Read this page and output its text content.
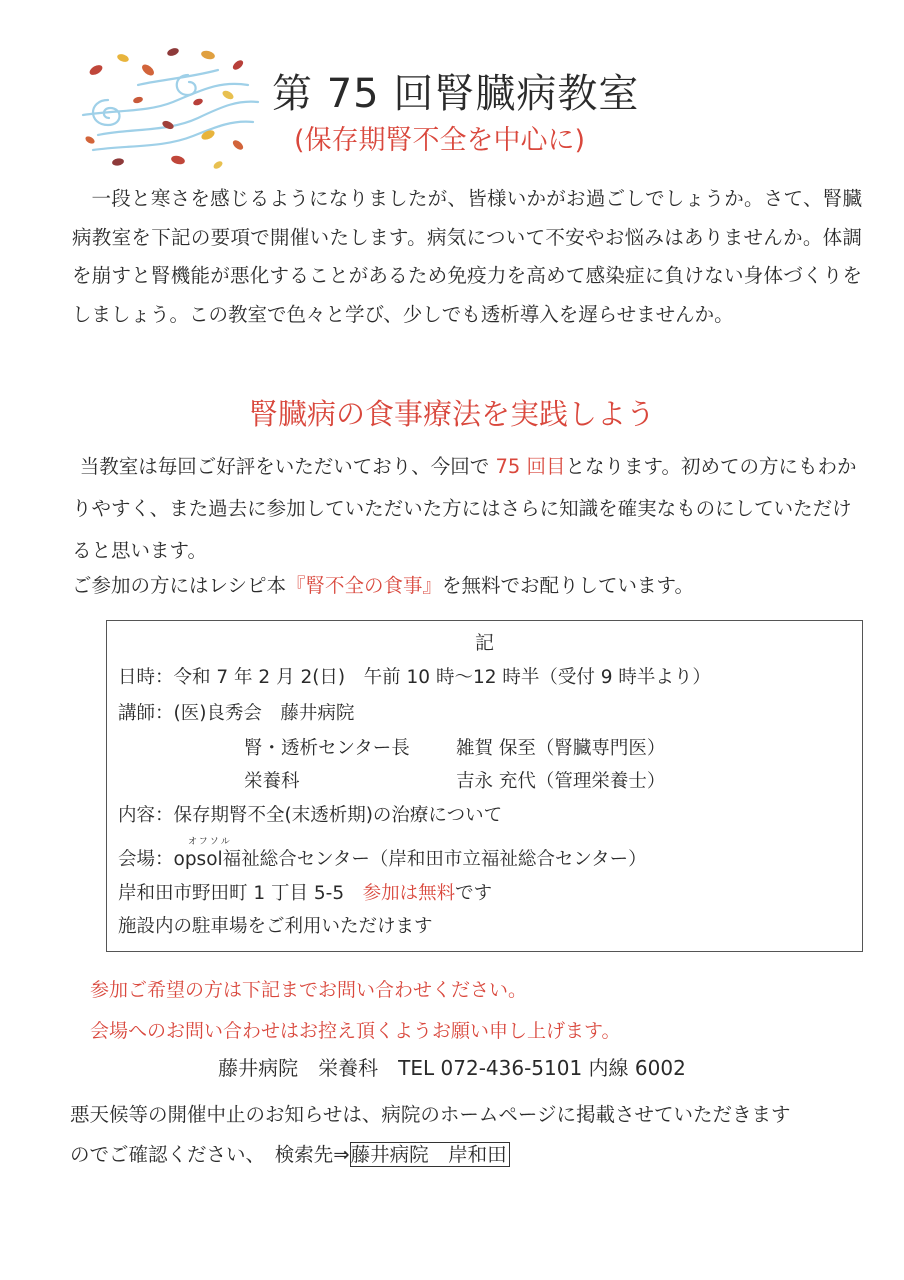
第 75 回腎臓病教室
(保存期腎不全を中心に)
一段と寒さを感じるようになりましたが、皆様いかがお過ごしでしょうか。さて、腎臓病教室を下記の要項で開催いたします。病気について不安やお悩みはありませんか。体調を崩すと腎機能が悪化することがあるため免疫力を高めて感染症に負けない身体づくりをしましょう。この教室で色々と学び、少しでも透析導入を遅らせませんか。
腎臓病の食事療法を実践しよう
当教室は毎回ご好評をいただいており、今回で 75 回目となります。初めての方にもわかりやすく、また過去に参加していただいた方にはさらに知識を確実なものにしていただけると思います。
ご参加の方にはレシピ本『腎不全の食事』を無料でお配りしています。
記
日時：令和 7 年 2 月 2(日)　午前 10 時～12 時半（受付 9 時半より）
講師：(医)良秀会　藤井病院
腎・透析センター長 雑賀 保至（腎臓専門医）
栄養科	吉永 充代（管理栄養士）
内容：保存期腎不全(末透析期)の治療について
オフソル
会場：opsol福祉総合センター（岸和田市立福祉総合センター）
岸和田市野田町 1 丁目 5-5　 参加は無料です
施設内の駐車場をご利用いただけます
参加ご希望の方は下記までお問い合わせください。
会場へのお問い合わせはお控え頂くようお願い申し上げます。
藤井病院　栄養科　TEL 072-436-5101 内線 6002
悪天候等の開催中止のお知らせは、病院のホームページに掲載させていただきます
のでご確認ください、　検索先⇒藤井病院　岸和田
